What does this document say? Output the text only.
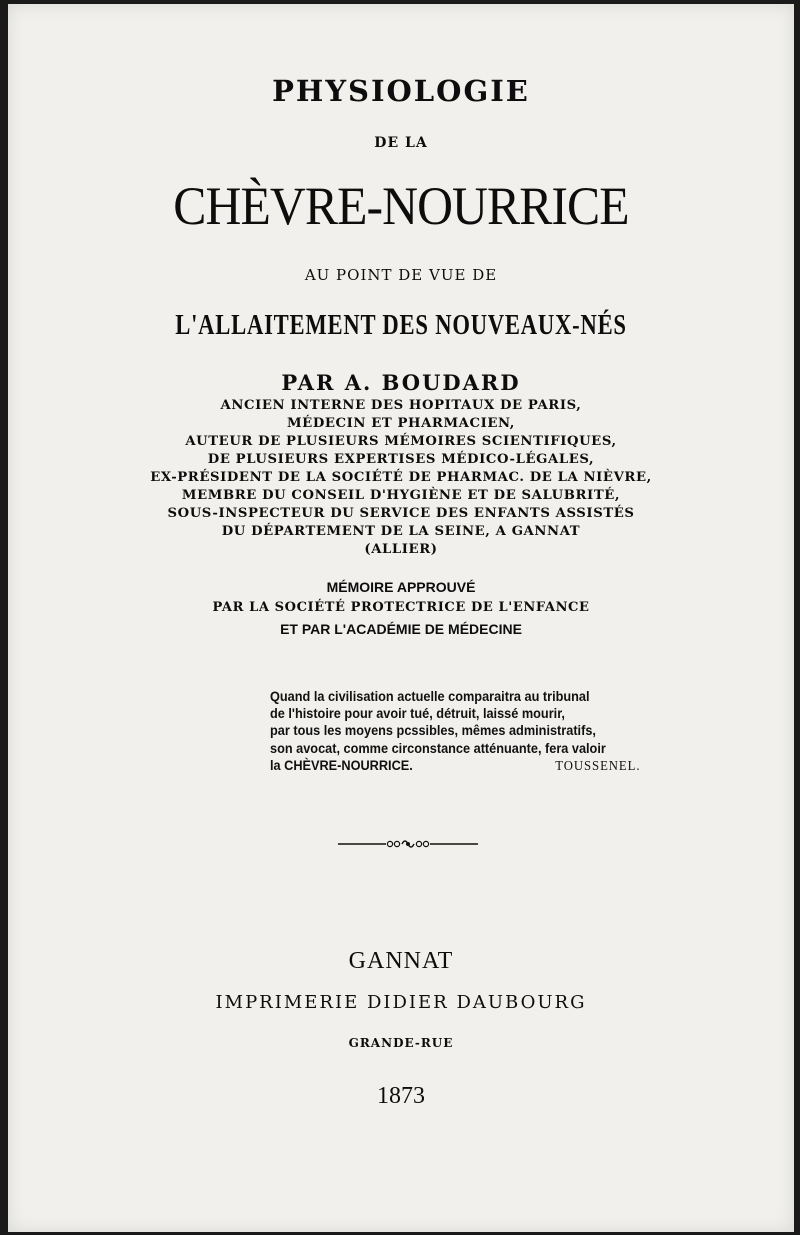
PHYSIOLOGIE
DE LA
CHÈVRE-NOURRICE
AU POINT DE VUE DE
L'ALLAITEMENT DES NOUVEAUX-NÉS
PAR A. BOUDARD
ANCIEN INTERNE DES HOPITAUX DE PARIS,
MÉDECIN ET PHARMACIEN,
AUTEUR DE PLUSIEURS MÉMOIRES SCIENTIFIQUES,
DE PLUSIEURS EXPERTISES MÉDICO-LÉGALES,
EX-PRÉSIDENT DE LA SOCIÉTÉ DE PHARMAC. DE LA NIÈVRE,
MEMBRE DU CONSEIL D'HYGIÈNE ET DE SALUBRITÉ,
SOUS-INSPECTEUR DU SERVICE DES ENFANTS ASSISTÉS
DU DÉPARTEMENT DE LA SEINE, A GANNAT
(ALLIER)
MÉMOIRE APPROUVÉ
PAR LA SOCIÉTÉ PROTECTRICE DE L'ENFANCE
ET PAR L'ACADÉMIE DE MÉDECINE
Quand la civilisation actuelle comparaitra au tribunal
de l'histoire pour avoir tué, détruit, laissé mourir,
par tous les moyens pcssibles, mêmes administratifs,
son avocat, comme circonstance atténuante, fera valoir
la CHÈVRE-NOURRICE.	TOUSSENEL.
GANNAT
IMPRIMERIE DIDIER DAUBOURG
GRANDE-RUE
1873
